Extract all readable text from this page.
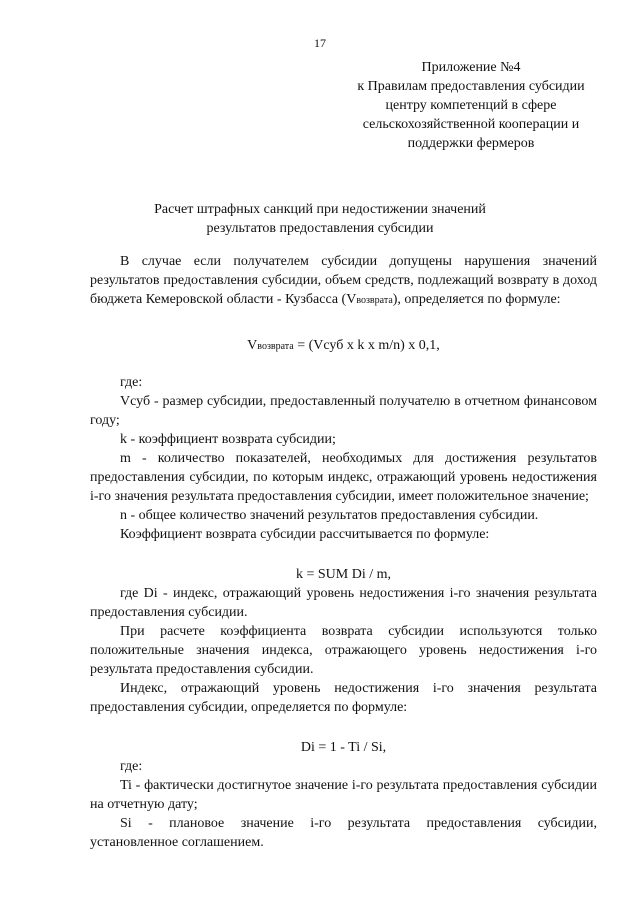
17
Приложение №4
к Правилам предоставления субсидии
центру компетенций в сфере
сельскохозяйственной кооперации и
поддержки фермеров
Расчет штрафных санкций при недостижении значений
результатов предоставления субсидии

В случае если получателем субсидии допущены нарушения значений результатов предоставления субсидии, объем средств, подлежащий возврату в доход бюджета Кемеровской области - Кузбасса (Vвозврата), определяется по формуле:

Vвозврата = (Vсуб x k x m/n) x 0,1,

где:

Vсуб - размер субсидии, предоставленный получателю в отчетном финансовом году;

k - коэффициент возврата субсидии;

m - количество показателей, необходимых для достижения результатов предоставления субсидии, по которым индекс, отражающий уровень недостижения i-го значения результата предоставления субсидии, имеет положительное значение;

n - общее количество значений результатов предоставления субсидии.

Коэффициент возврата субсидии рассчитывается по формуле:

k = SUM Di / m,

где Di - индекс, отражающий уровень недостижения i-го значения результата предоставления субсидии.

При расчете коэффициента возврата субсидии используются только положительные значения индекса, отражающего уровень недостижения i-го результата предоставления субсидии.

Индекс, отражающий уровень недостижения i-го значения результата предоставления субсидии, определяется по формуле:

Di = 1 - Ti / Si,

где:

Ti - фактически достигнутое значение i-го результата предоставления субсидии на отчетную дату;

Si - плановое значение i-го результата предоставления субсидии, установленное соглашением.
